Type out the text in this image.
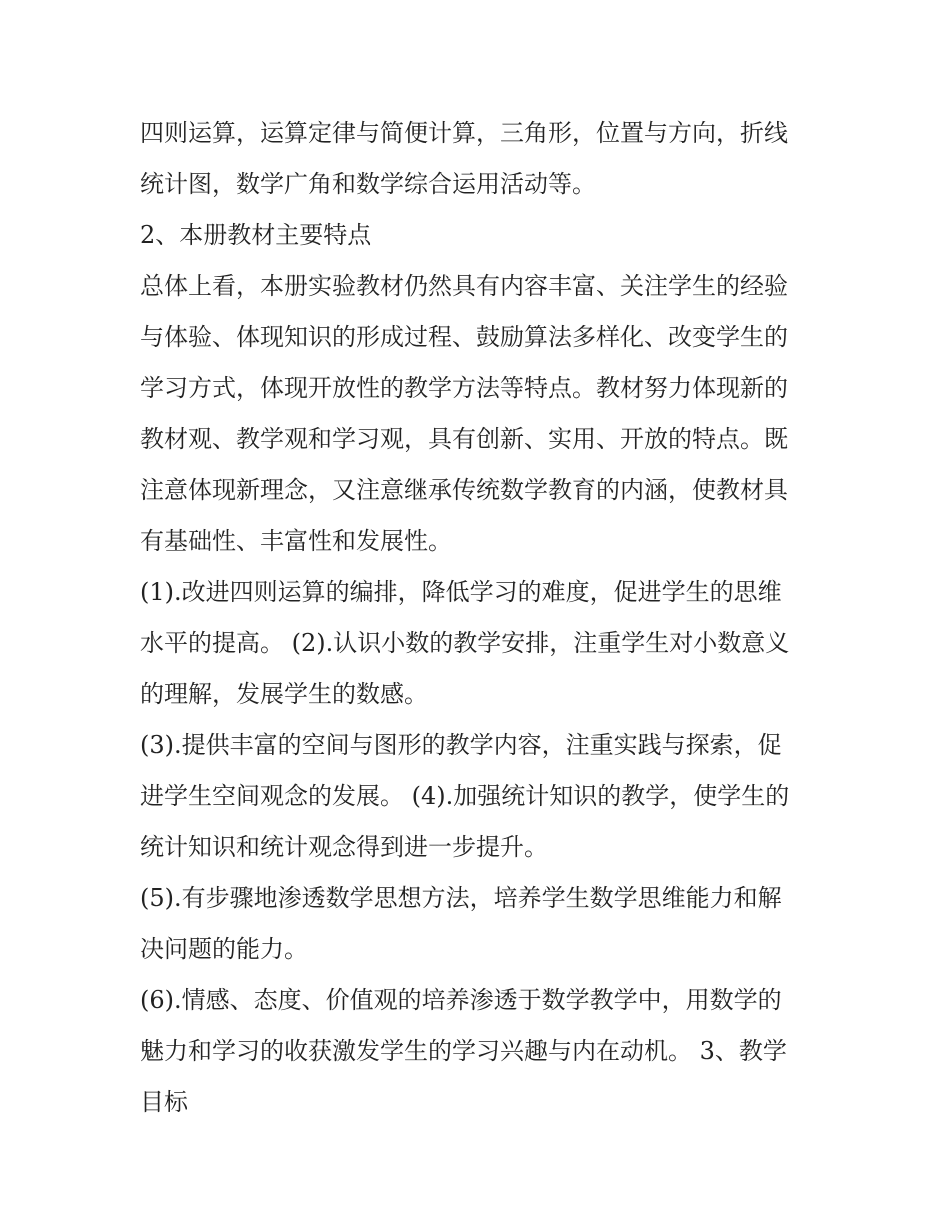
四则运算，运算定律与简便计算，三角形，位置与方向，折线
统计图，数学广角和数学综合运用活动等。
2、本册教材主要特点
总体上看，本册实验教材仍然具有内容丰富、关注学生的经验
与体验、体现知识的形成过程、鼓励算法多样化、改变学生的
学习方式，体现开放性的教学方法等特点。教材努力体现新的
教材观、教学观和学习观，具有创新、实用、开放的特点。既
注意体现新理念，又注意继承传统数学教育的内涵，使教材具
有基础性、丰富性和发展性。
(1).改进四则运算的编排，降低学习的难度，促进学生的思维
水平的提高。 (2).认识小数的教学安排，注重学生对小数意义
的理解，发展学生的数感。
(3).提供丰富的空间与图形的教学内容，注重实践与探索，促
进学生空间观念的发展。 (4).加强统计知识的教学，使学生的
统计知识和统计观念得到进一步提升。
(5).有步骤地渗透数学思想方法，培养学生数学思维能力和解
决问题的能力。
(6).情感、态度、价值观的培养渗透于数学教学中，用数学的
魅力和学习的收获激发学生的学习兴趣与内在动机。 3、教学
目标
